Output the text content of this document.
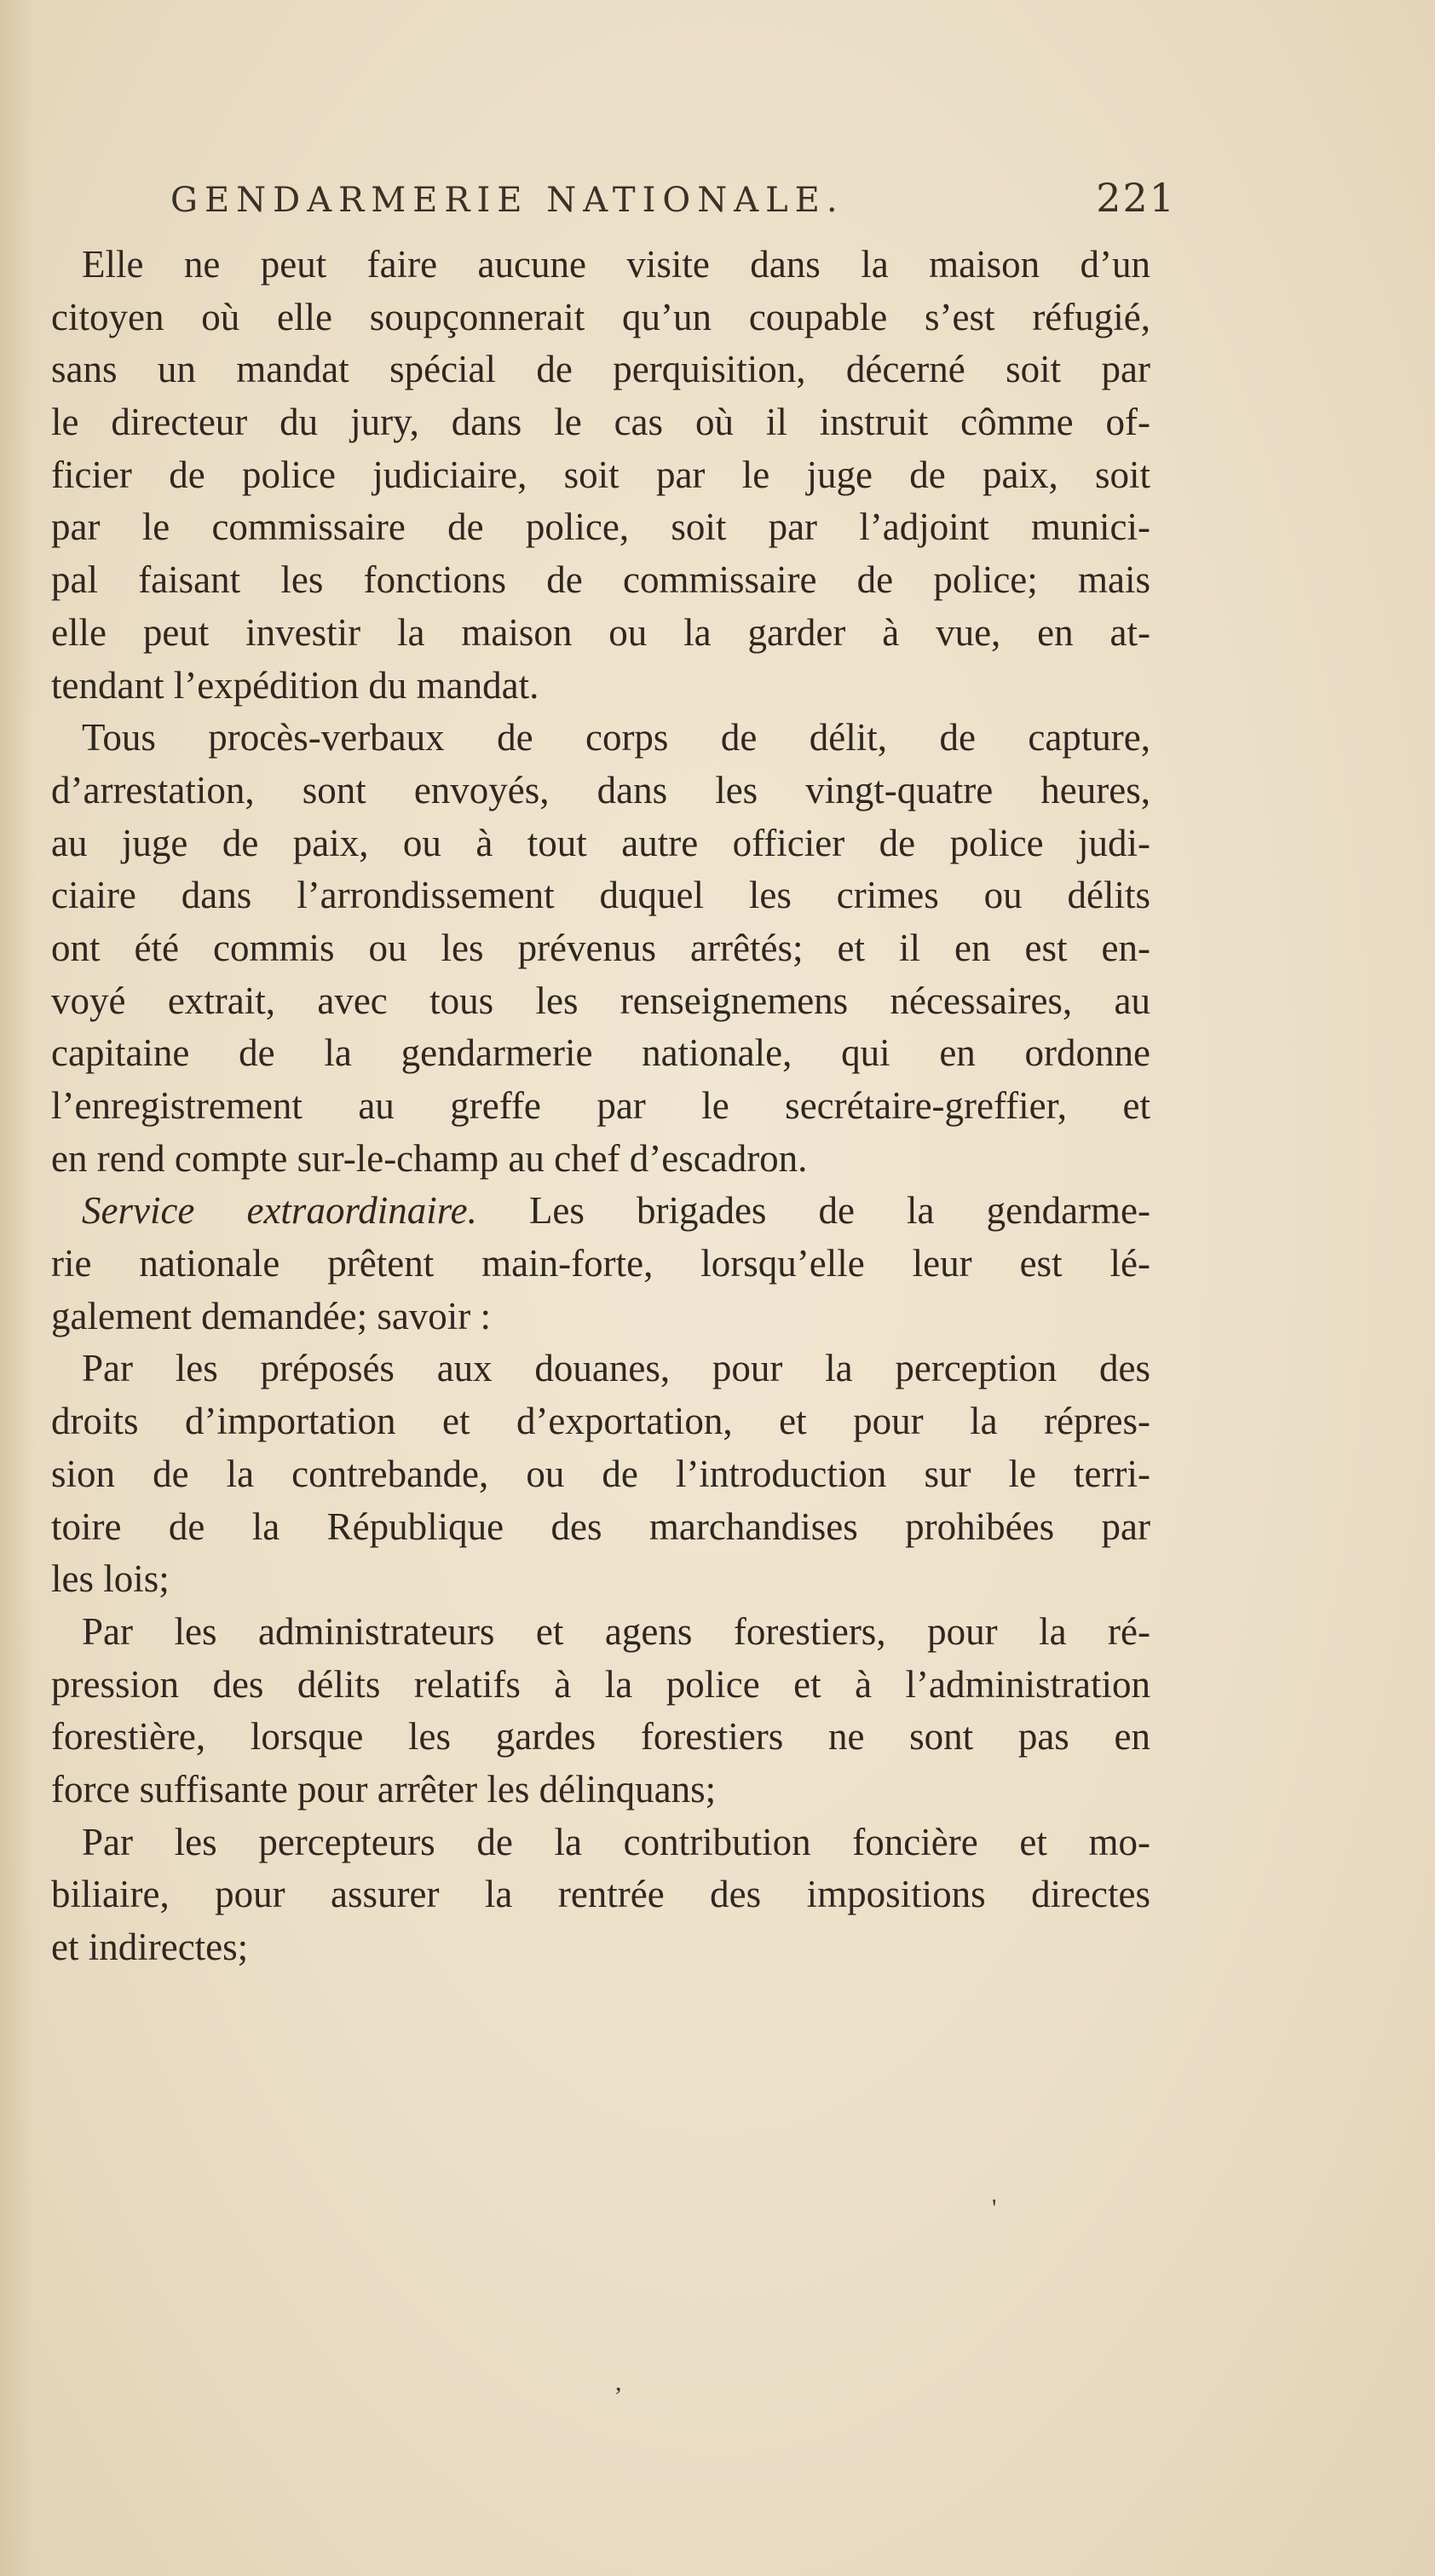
GENDARMERIE NATIONALE.	221
Elle ne peut faire aucune visite dans la maison d’un
citoyen où elle soupçonnerait qu’un coupable s’est réfugié,
sans un mandat spécial de perquisition, décerné soit par
le directeur du jury, dans le cas où il instruit cômme of-
ficier de police judiciaire, soit par le juge de paix, soit
par le commissaire de police, soit par l’adjoint munici-
pal faisant les fonctions de commissaire de police; mais
elle peut investir la maison ou la garder à vue, en at-
tendant l’expédition du mandat.
Tous procès-verbaux de corps de délit, de capture,
d’arrestation, sont envoyés, dans les vingt-quatre heures,
au juge de paix, ou à tout autre officier de police judi-
ciaire dans l’arrondissement duquel les crimes ou délits
ont été commis ou les prévenus arrêtés; et il en est en-
voyé extrait, avec tous les renseignemens nécessaires, au
capitaine de la gendarmerie nationale, qui en ordonne
l’enregistrement au greffe par le secrétaire-greffier, et
en rend compte sur-le-champ au chef d’escadron.
Service extraordinaire. Les brigades de la gendarme-
rie nationale prêtent main-forte, lorsqu’elle leur est lé-
galement demandée; savoir :
Par les préposés aux douanes, pour la perception des
droits d’importation et d’exportation, et pour la répres-
sion de la contrebande, ou de l’introduction sur le terri-
toire de la République des marchandises prohibées par
les lois;
Par les administrateurs et agens forestiers, pour la ré-
pression des délits relatifs à la police et à l’administration
forestière, lorsque les gardes forestiers ne sont pas en
force suffisante pour arrêter les délinquans;
Par les percepteurs de la contribution foncière et mo-
biliaire, pour assurer la rentrée des impositions directes
et indirectes;
,
'
